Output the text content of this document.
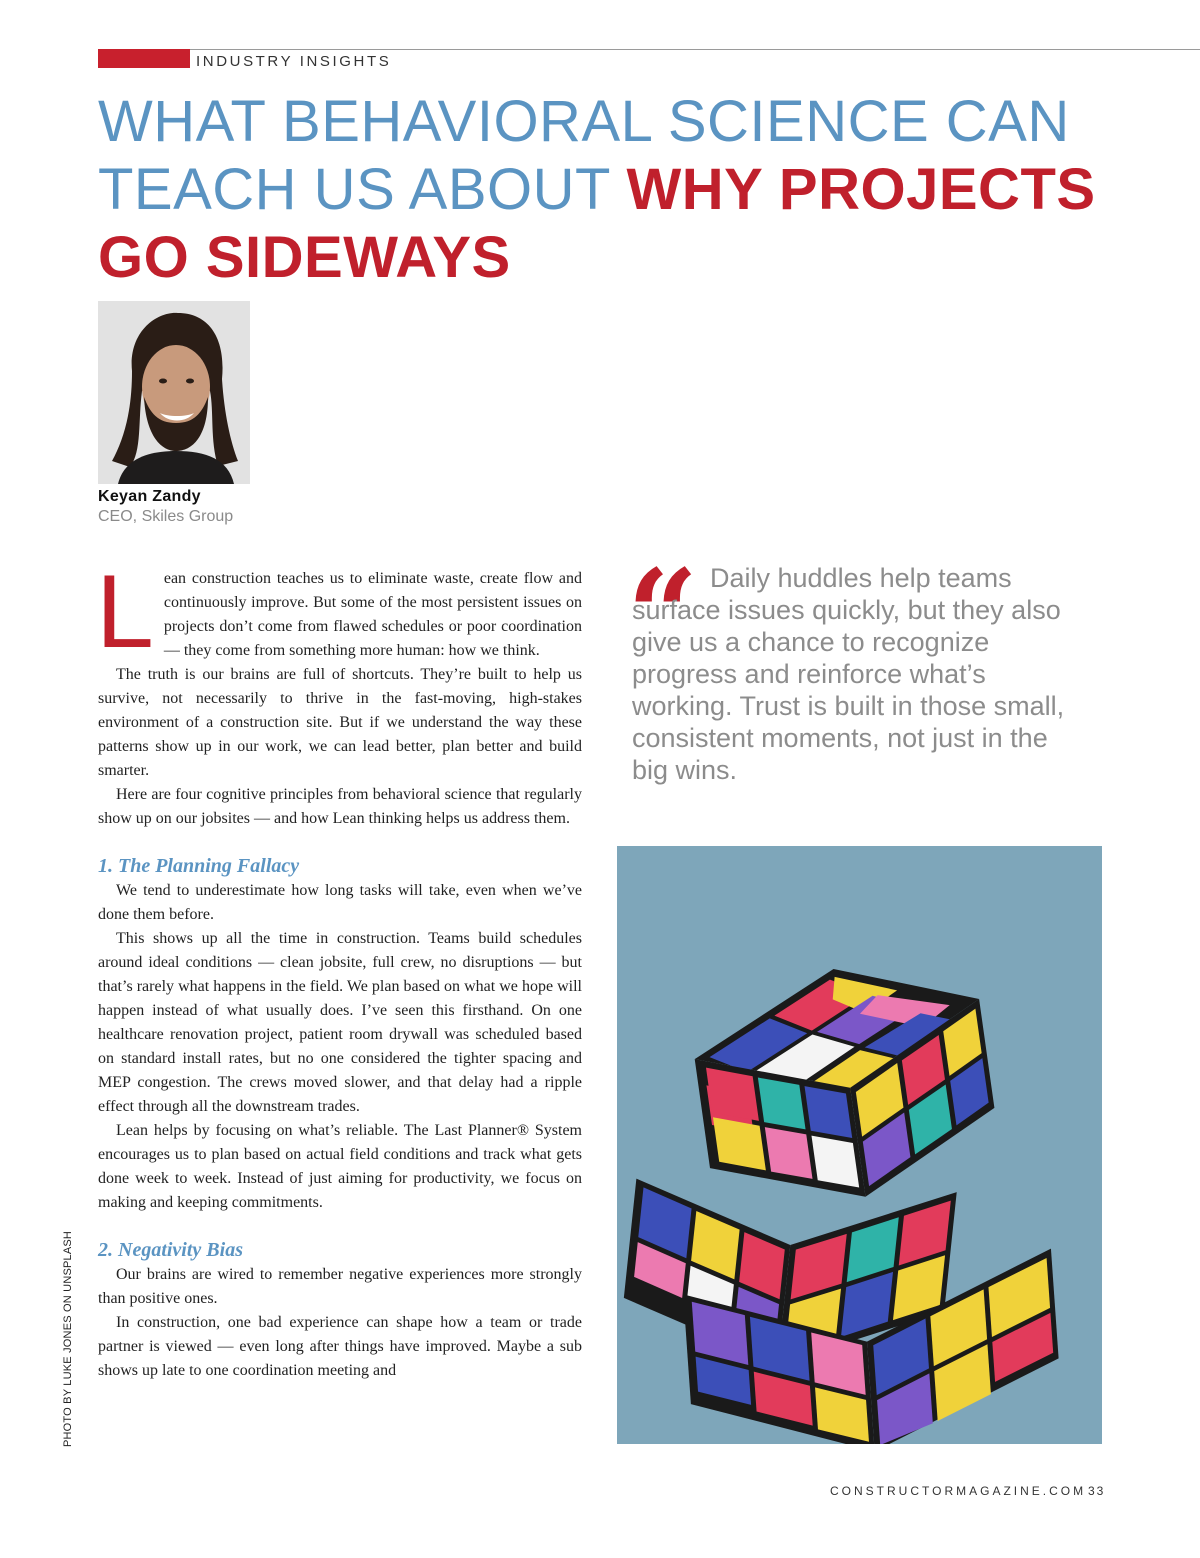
INDUSTRY INSIGHTS
WHAT BEHAVIORAL SCIENCE CAN
TEACH US ABOUT WHY PROJECTS
GO SIDEWAYS
Keyan Zandy
CEO, Skiles Group

Lean construction teaches us to eliminate waste, create flow and continuously improve. But some of the most persistent issues on projects don’t come from flawed schedules or poor coordination — they come from something more human: how we think.

The truth is our brains are full of shortcuts. They’re built to help us survive, not necessarily to thrive in the fast-moving, high-stakes environment of a construction site. But if we understand the way these patterns show up in our work, we can lead better, plan better and build smarter.

Here are four cognitive principles from behavioral science that regularly show up on our jobsites — and how Lean thinking helps us address them.

1. The Planning Fallacy

We tend to underestimate how long tasks will take, even when we’ve done them before.

This shows up all the time in construction. Teams build schedules around ideal conditions — clean jobsite, full crew, no disruptions — but that’s rarely what happens in the field. We plan based on what we hope will happen instead of what usually does. I’ve seen this firsthand. On one healthcare renovation project, patient room drywall was scheduled based on standard install rates, but no one considered the tighter spacing and MEP congestion. The crews moved slower, and that delay had a ripple effect through all the downstream trades.

Lean helps by focusing on what’s reliable. The Last Planner® System encourages us to plan based on actual field conditions and track what gets done week to week. Instead of just aiming for productivity, we focus on making and keeping commitments.

2. Negativity Bias

Our brains are wired to remember negative experiences more strongly than positive ones.

In construction, one bad experience can shape how a team or trade partner is viewed — even long after things have improved. Maybe a sub shows up late to one coordination meeting and

“ Daily huddles help teams surface issues quickly, but they also give us a chance to recognize progress and reinforce what’s working. Trust is built in those small, consistent moments, not just in the big wins.

PHOTO BY LUKE JONES ON UNSPLASH
CONSTRUCTORMAGAZINE.COM 33
